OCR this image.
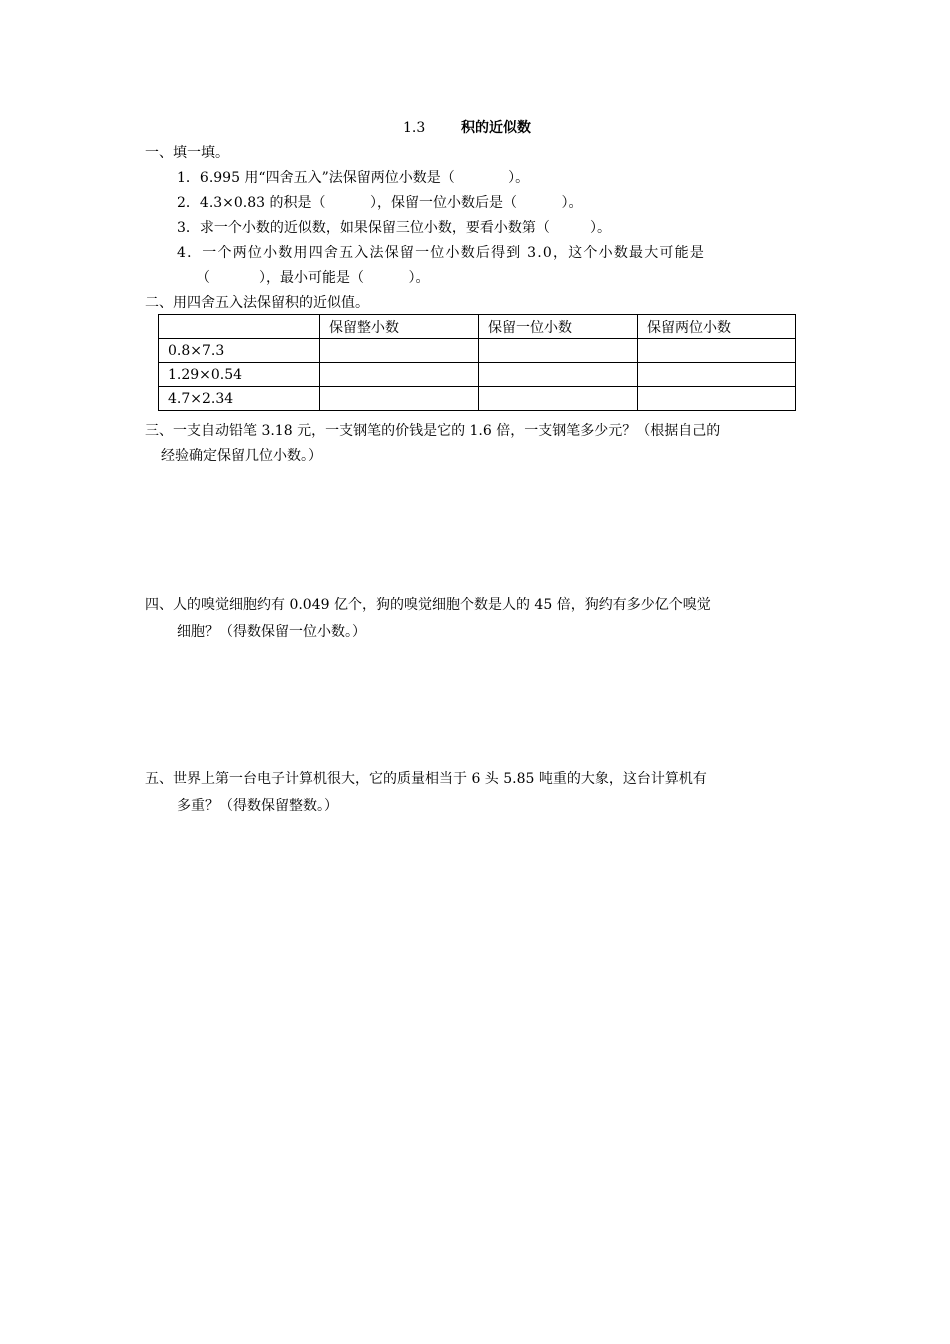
1.3	积的近似数
一、填一填。
1．6.995 用“四舍五入”法保留两位小数是（            ）。
2．4.3×0.83 的积是（          ），保留一位小数后是（          ）。
3．求一个小数的近似数，如果保留三位小数，要看小数第（         ）。
4．一个两位小数用四舍五入法保留一位小数后得到 3.0，这个小数最大可能是
（           ），最小可能是（          ）。
二、用四舍五入法保留积的近似值。
	保留整小数	保留一位小数	保留两位小数
0.8×7.3			
1.29×0.54			
4.7×2.34			
三、一支自动铅笔 3.18 元，一支钢笔的价钱是它的 1.6 倍，一支钢笔多少元？（根据自己的
经验确定保留几位小数。）
四、人的嗅觉细胞约有 0.049 亿个，狗的嗅觉细胞个数是人的 45 倍，狗约有多少亿个嗅觉
细胞？（得数保留一位小数。）
五、世界上第一台电子计算机很大，它的质量相当于 6 头 5.85 吨重的大象，这台计算机有
多重？（得数保留整数。）
